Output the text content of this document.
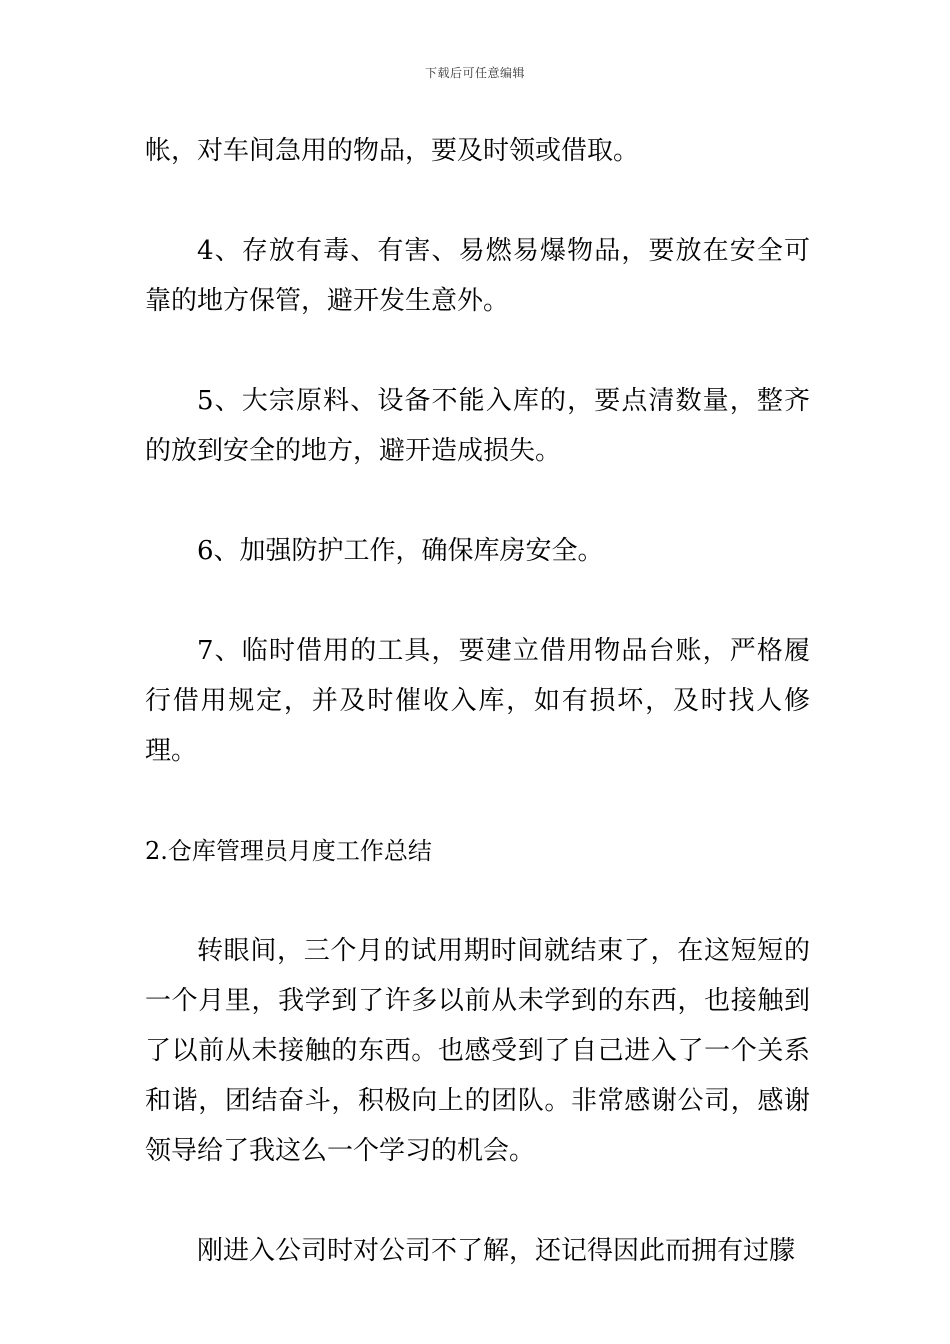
下载后可任意编辑

帐，对车间急用的物品，要及时领或借取。

4、存放有毒、有害、易燃易爆物品，要放在安全可靠的地方保管，避开发生意外。

5、大宗原料、设备不能入库的，要点清数量，整齐的放到安全的地方，避开造成损失。

6、加强防护工作，确保库房安全。

7、临时借用的工具，要建立借用物品台账，严格履行借用规定，并及时催收入库，如有损坏，及时找人修理。

2.仓库管理员月度工作总结

转眼间，三个月的试用期时间就结束了，在这短短的一个月里，我学到了许多以前从未学到的东西，也接触到了以前从未接触的东西。也感受到了自己进入了一个关系和谐，团结奋斗，积极向上的团队。非常感谢公司，感谢领导给了我这么一个学习的机会。

刚进入公司时对公司不了解，还记得因此而拥有过朦
